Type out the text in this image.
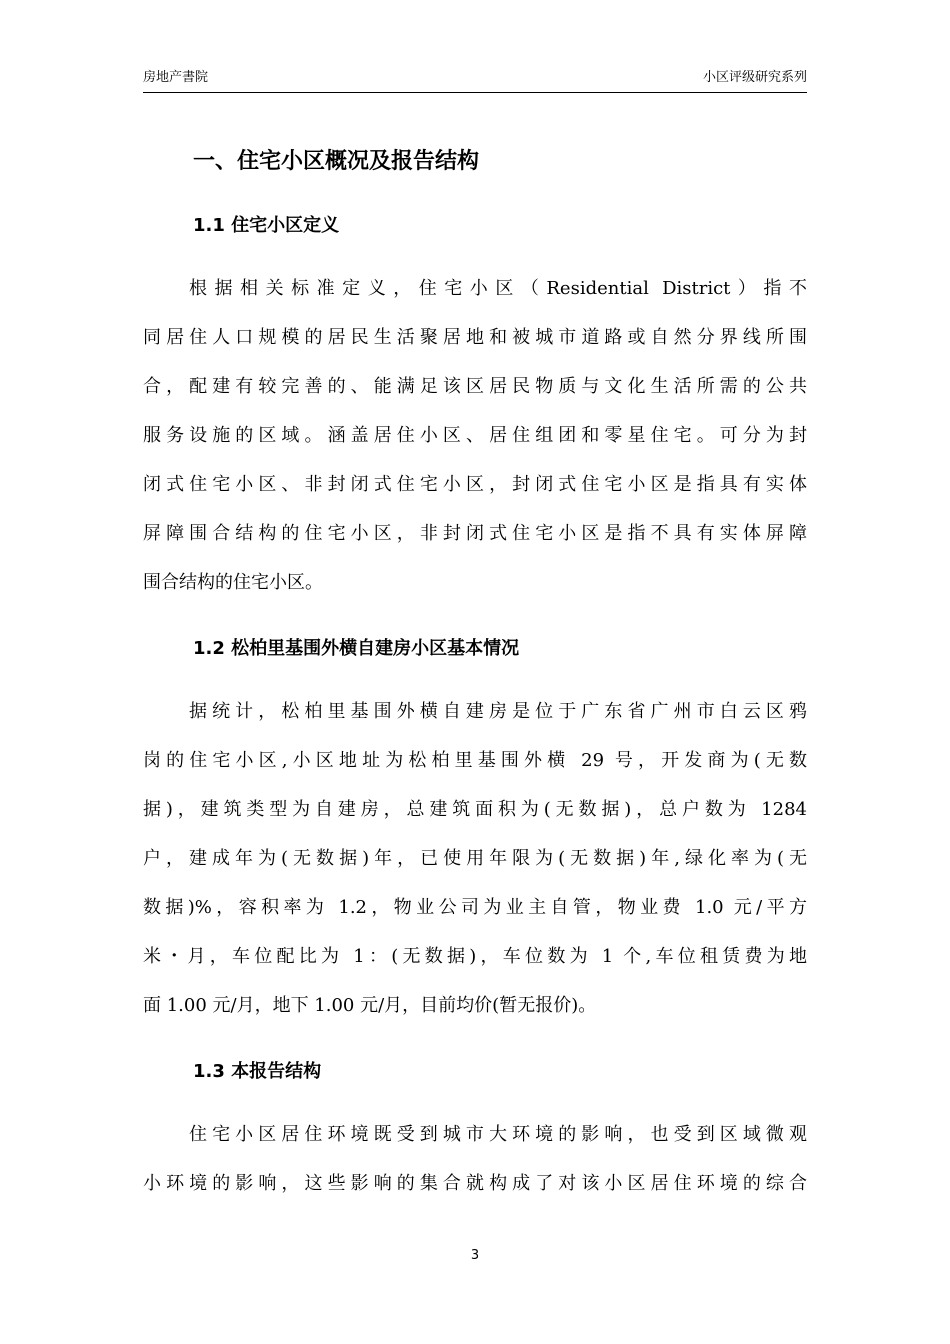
房地产書院	小区评级研究系列
一、住宅小区概况及报告结构
1.1 住宅小区定义
根据相关标准定义，住宅小区（Residential District）指不
同居住人口规模的居民生活聚居地和被城市道路或自然分界线所围
合，配建有较完善的、能满足该区居民物质与文化生活所需的公共
服务设施的区域。涵盖居住小区、居住组团和零星住宅。可分为封
闭式住宅小区、非封闭式住宅小区，封闭式住宅小区是指具有实体
屏障围合结构的住宅小区，非封闭式住宅小区是指不具有实体屏障
围合结构的住宅小区。
1.2 松柏里基围外横自建房小区基本情况
据统计，松柏里基围外横自建房是位于广东省广州市白云区鸦
岗的住宅小区,小区地址为松柏里基围外横 29 号，开发商为(无数
据)，建筑类型为自建房，总建筑面积为(无数据)，总户数为 1284
户，建成年为(无数据)年，已使用年限为(无数据)年,绿化率为(无
数据)%，容积率为 1.2，物业公司为业主自管，物业费 1.0 元/平方
米・月，车位配比为 1：(无数据)，车位数为 1 个,车位租赁费为地
面 1.00 元/月，地下 1.00 元/月，目前均价(暂无报价)。
1.3 本报告结构
住宅小区居住环境既受到城市大环境的影响，也受到区域微观
小环境的影响，这些影响的集合就构成了对该小区居住环境的综合
3
